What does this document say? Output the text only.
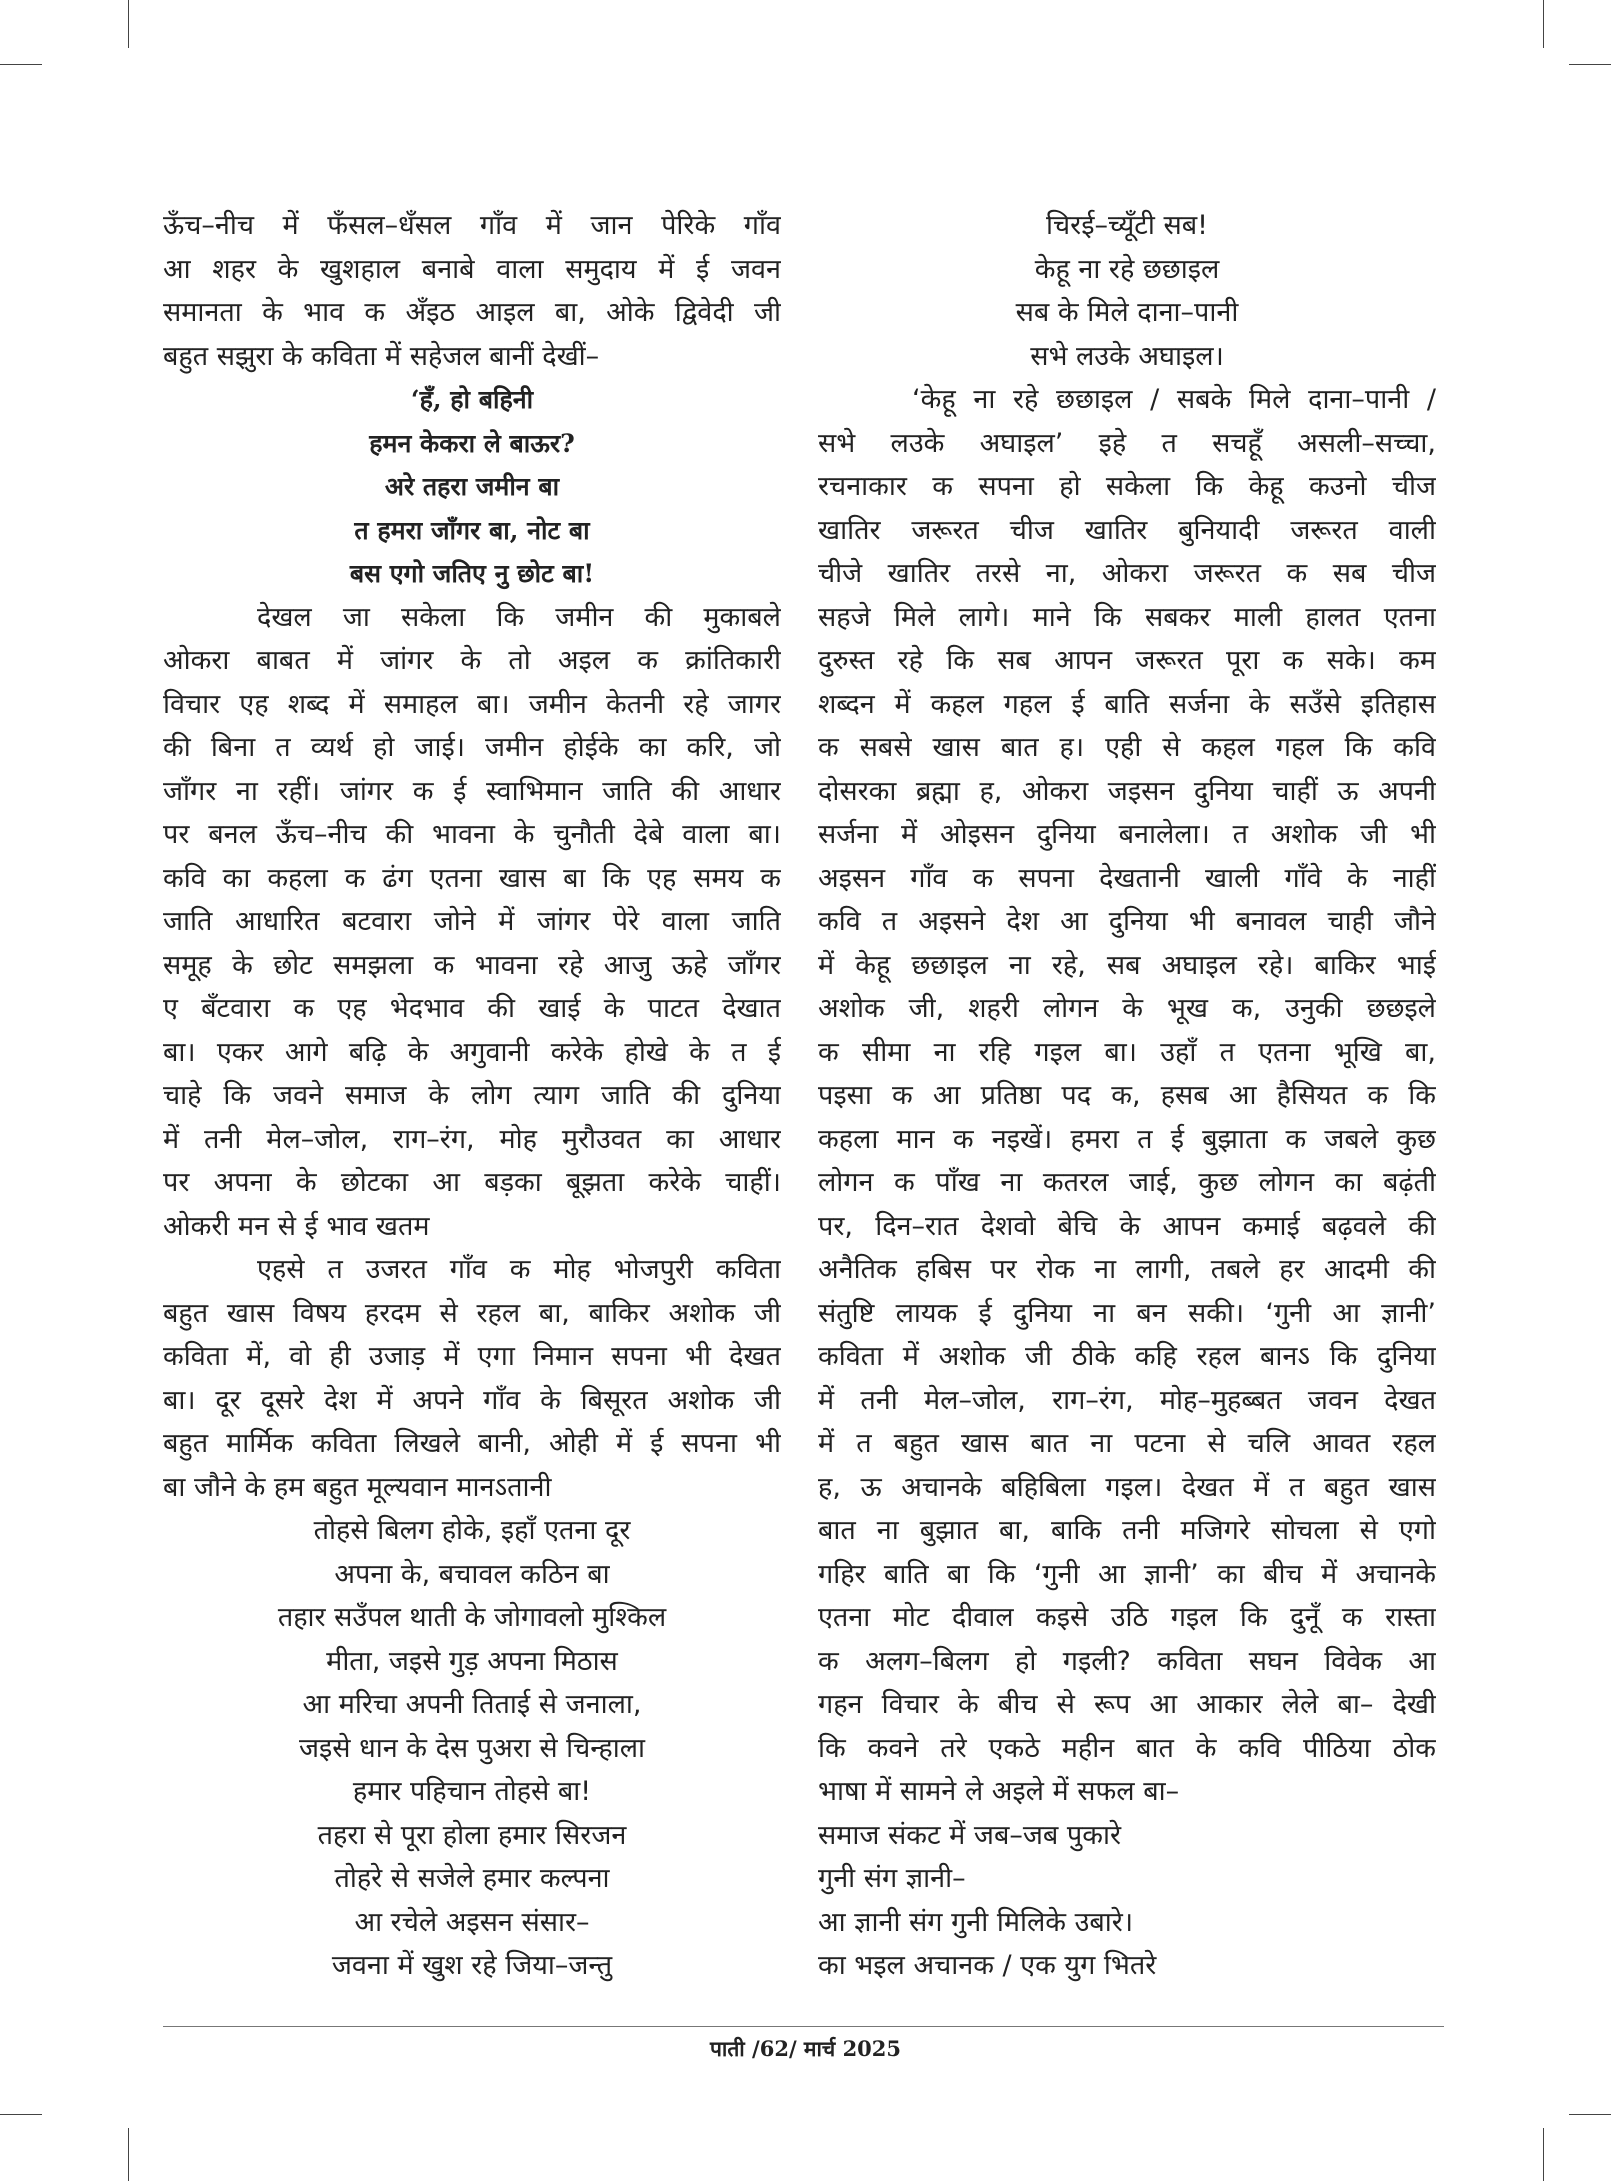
ऊँच–नीच में फँसल–धँसल गाँव में जान पेरिके गाँव
आ शहर के खुशहाल बनाबे वाला समुदाय में ई जवन
समानता के भाव क अँइठ आइल बा, ओके द्विवेदी जी
बहुत सझुरा के कविता में सहेजल बानीं देखीं–
‘हँ, हो बहिनी
हमन केकरा ले बाऊर?
अरे तहरा जमीन बा
त हमरा जाँगर बा, नोट बा
बस एगो जतिए नु छोट बा!
देखल जा सकेला कि जमीन की मुकाबले
ओकरा बाबत में जांगर के तो अइल क क्रांतिकारी
विचार एह शब्द में समाहल बा। जमीन केतनी रहे जागर
की बिना त व्यर्थ हो जाई। जमीन होईके का करि, जो
जाँगर ना रहीं। जांगर क ई स्वाभिमान जाति की आधार
पर बनल ऊँच–नीच की भावना के चुनौती देबे वाला बा।
कवि का कहला क ढंग एतना खास बा कि एह समय क
जाति आधारित बटवारा जोने में जांगर पेरे वाला जाति
समूह के छोट समझला क भावना रहे आजु ऊहे जाँगर
ए बँटवारा क एह भेदभाव की खाई के पाटत देखात
बा। एकर आगे बढ़ि के अगुवानी करेके होखे के त ई
चाहे कि जवने समाज के लोग त्याग जाति की दुनिया
में तनी मेल–जोल, राग–रंग, मोह मुरौउवत का आधार
पर अपना के छोटका आ बड़का बूझता करेके चाहीं।
ओकरी मन से ई भाव खतम
एहसे त उजरत गाँव क मोह भोजपुरी कविता
बहुत खास विषय हरदम से रहल बा, बाकिर अशोक जी
कविता में, वो ही उजाड़ में एगा निमान सपना भी देखत
बा। दूर दूसरे देश में अपने गाँव के बिसूरत अशोक जी
बहुत मार्मिक कविता लिखले बानी, ओही में ई सपना भी
बा जौने के हम बहुत मूल्यवान मानऽतानी
तोहसे बिलग होके, इहाँ एतना दूर
अपना के, बचावल कठिन बा
तहार सउँपल थाती के जोगावलो मुश्किल
मीता, जइसे गुड़ अपना मिठास
आ मरिचा अपनी तिताई से जनाला,
जइसे धान के देस पुअरा से चिन्हाला
हमार पहिचान तोहसे बा!
तहरा से पूरा होला हमार सिरजन
तोहरे से सजेले हमार कल्पना
आ रचेले अइसन संसार–
जवना में खुश रहे जिया–जन्तु
चिरई–च्यूँटी सब!
केहू ना रहे छछाइल
सब के मिले दाना–पानी
सभे लउके अघाइल।
‘केहू ना रहे छछाइल / सबके मिले दाना–पानी /
सभे लउके अघाइल’ इहे त सचहूँ असली–सच्चा,
रचनाकार क सपना हो सकेला कि केहू कउनो चीज
खातिर जरूरत चीज खातिर बुनियादी जरूरत वाली
चीजे खातिर तरसे ना, ओकरा जरूरत क सब चीज
सहजे मिले लागे। माने कि सबकर माली हालत एतना
दुरुस्त रहे कि सब आपन जरूरत पूरा क सके। कम
शब्दन में कहल गहल ई बाति सर्जना के सउँसे इतिहास
क सबसे खास बात ह। एही से कहल गहल कि कवि
दोसरका ब्रह्मा ह, ओकरा जइसन दुनिया चाहीं ऊ अपनी
सर्जना में ओइसन दुनिया बनालेला। त अशोक जी भी
अइसन गाँव क सपना देखतानी खाली गाँवे के नाहीं
कवि त अइसने देश आ दुनिया भी बनावल चाही जौने
में केहू छछाइल ना रहे, सब अघाइल रहे। बाकिर भाई
अशोक जी, शहरी लोगन के भूख क, उनुकी छछइले
क सीमा ना रहि गइल बा। उहाँ त एतना भूखि बा,
पइसा क आ प्रतिष्ठा पद क, हसब आ हैसियत क कि
कहला मान क नइखें। हमरा त ई बुझाता क जबले कुछ
लोगन क पाँख ना कतरल जाई, कुछ लोगन का बढ़ंती
पर, दिन–रात देशवो बेचि के आपन कमाई बढ़वले की
अनैतिक हबिस पर रोक ना लागी, तबले हर आदमी की
संतुष्टि लायक ई दुनिया ना बन सकी। ‘गुनी आ ज्ञानी’
कविता में अशोक जी ठीके कहि रहल बानऽ कि दुनिया
में तनी मेल–जोल, राग–रंग, मोह–मुहब्बत जवन देखत
में त बहुत खास बात ना पटना से चलि आवत रहल
ह, ऊ अचानके बहिबिला गइल। देखत में त बहुत खास
बात ना बुझात बा, बाकि तनी मजिगरे सोचला से एगो
गहिर बाति बा कि ‘गुनी आ ज्ञानी’ का बीच में अचानके
एतना मोट दीवाल कइसे उठि गइल कि दुनूँ क रास्ता
क अलग–बिलग हो गइली? कविता सघन विवेक आ
गहन विचार के बीच से रूप आ आकार लेले बा– देखी
कि कवने तरे एकठे महीन बात के कवि पीठिया ठोक
भाषा में सामने ले अइले में सफल बा–
समाज संकट में जब–जब पुकारे
गुनी संग ज्ञानी–
आ ज्ञानी संग गुनी मिलिके उबारे।
का भइल अचानक / एक युग भितरे
पाती /62/ मार्च 2025
